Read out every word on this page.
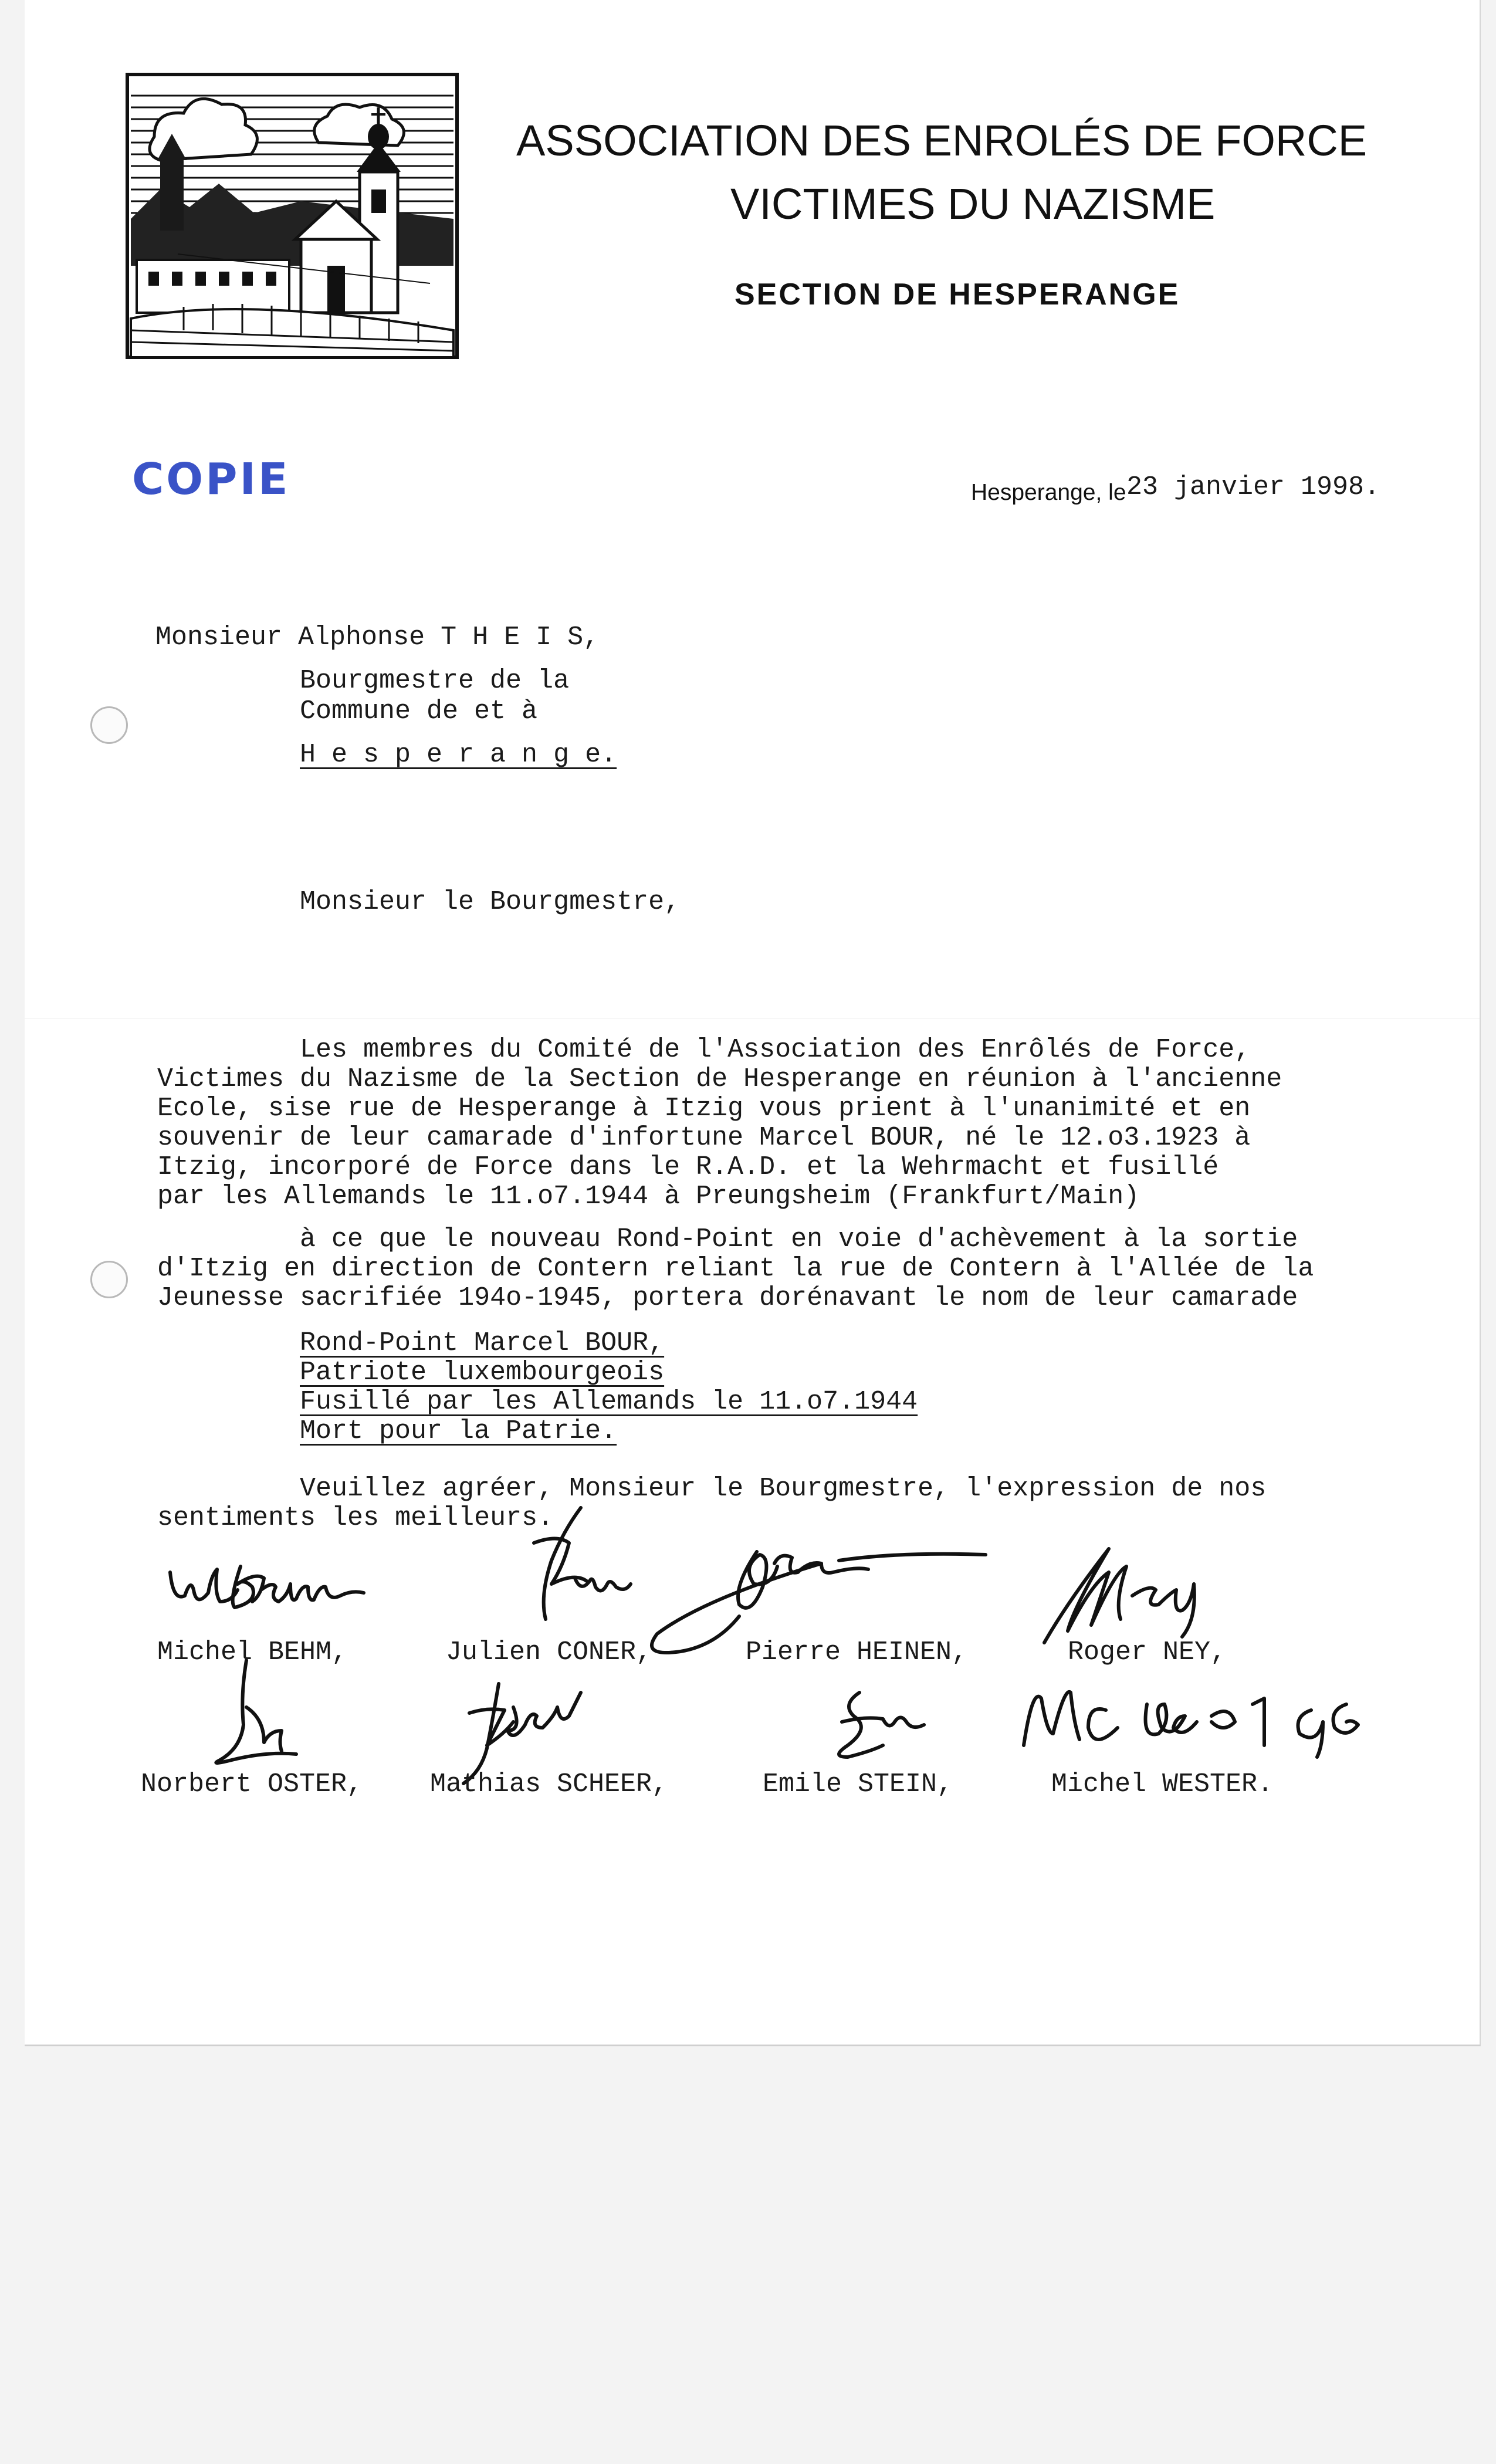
ASSOCIATION DES ENROLÉS DE FORCE
VICTIMES DU NAZISME
SECTION DE HESPERANGE
COPIE	Hesperange, le 23 janvier 1998.
Monsieur Alphonse T H E I S,
Bourgmestre de la
Commune de et à
H e s p e r a n g e.
Monsieur le Bourgmestre,
Les membres du Comité de l'Association des Enrôlés de Force,
Victimes du Nazisme de la Section de Hesperange en réunion à l'ancienne
Ecole, sise rue de Hesperange à Itzig vous prient à l'unanimité et en
souvenir de leur camarade d'infortune Marcel BOUR, né le 12.o3.1923 à
Itzig, incorporé de Force dans le R.A.D. et la Wehrmacht et fusillé
par les Allemands le 11.o7.1944 à Preungsheim (Frankfurt/Main)
à ce que le nouveau Rond-Point en voie d'achèvement à la sortie
d'Itzig en direction de Contern reliant la rue de Contern à l'Allée de la
Jeunesse sacrifiée 194o-1945, portera dorénavant le nom de leur camarade
Rond-Point Marcel BOUR,
Patriote luxembourgeois
Fusillé par les Allemands le 11.o7.1944
Mort pour la Patrie.
Veuillez agréer, Monsieur le Bourgmestre, l'expression de nos
sentiments les meilleurs.
Michel BEHM,	Julien CONER,	Pierre HEINEN,	Roger NEY,
Norbert OSTER,	Mathias SCHEER,	Emile STEIN,	Michel WESTER.
